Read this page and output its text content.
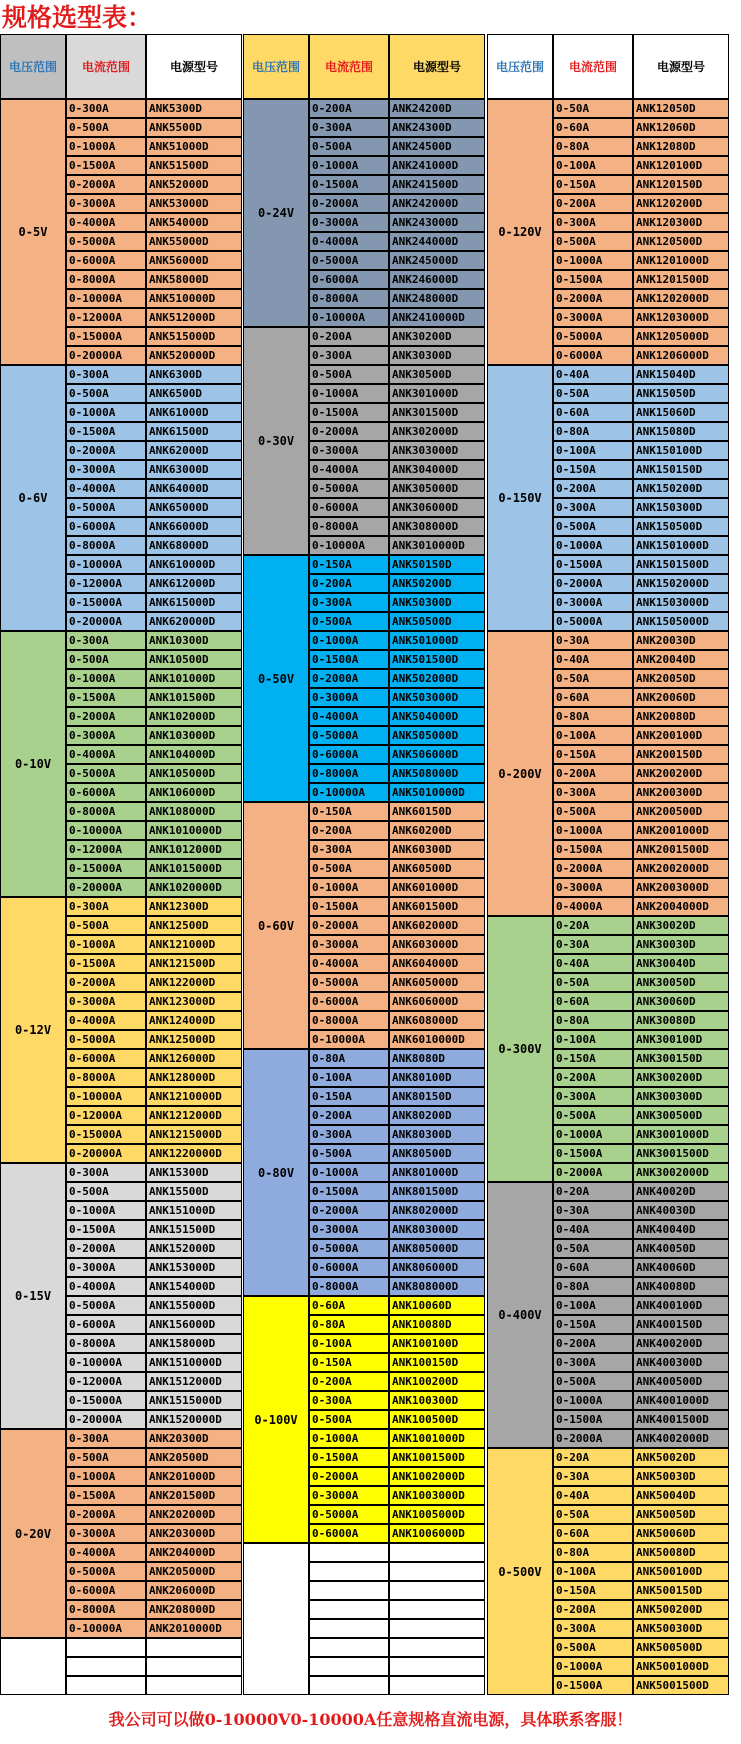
规格选型表：
电压范围	电流范围	电源型号
0-5V
0-300A	ANK5300D
0-500A	ANK5500D
0-1000A	ANK51000D
0-1500A	ANK51500D
0-2000A	ANK52000D
0-3000A	ANK53000D
0-4000A	ANK54000D
0-5000A	ANK55000D
0-6000A	ANK56000D
0-8000A	ANK58000D
0-10000A	ANK510000D
0-12000A	ANK512000D
0-15000A	ANK515000D
0-20000A	ANK520000D
0-6V
0-300A	ANK6300D
0-500A	ANK6500D
0-1000A	ANK61000D
0-1500A	ANK61500D
0-2000A	ANK62000D
0-3000A	ANK63000D
0-4000A	ANK64000D
0-5000A	ANK65000D
0-6000A	ANK66000D
0-8000A	ANK68000D
0-10000A	ANK610000D
0-12000A	ANK612000D
0-15000A	ANK615000D
0-20000A	ANK620000D
0-10V
0-300A	ANK10300D
0-500A	ANK10500D
0-1000A	ANK101000D
0-1500A	ANK101500D
0-2000A	ANK102000D
0-3000A	ANK103000D
0-4000A	ANK104000D
0-5000A	ANK105000D
0-6000A	ANK106000D
0-8000A	ANK108000D
0-10000A	ANK1010000D
0-12000A	ANK1012000D
0-15000A	ANK1015000D
0-20000A	ANK1020000D
0-12V
0-300A	ANK12300D
0-500A	ANK12500D
0-1000A	ANK121000D
0-1500A	ANK121500D
0-2000A	ANK122000D
0-3000A	ANK123000D
0-4000A	ANK124000D
0-5000A	ANK125000D
0-6000A	ANK126000D
0-8000A	ANK128000D
0-10000A	ANK1210000D
0-12000A	ANK1212000D
0-15000A	ANK1215000D
0-20000A	ANK1220000D
0-15V
0-300A	ANK15300D
0-500A	ANK15500D
0-1000A	ANK151000D
0-1500A	ANK151500D
0-2000A	ANK152000D
0-3000A	ANK153000D
0-4000A	ANK154000D
0-5000A	ANK155000D
0-6000A	ANK156000D
0-8000A	ANK158000D
0-10000A	ANK1510000D
0-12000A	ANK1512000D
0-15000A	ANK1515000D
0-20000A	ANK1520000D
0-20V
0-300A	ANK20300D
0-500A	ANK20500D
0-1000A	ANK201000D
0-1500A	ANK201500D
0-2000A	ANK202000D
0-3000A	ANK203000D
0-4000A	ANK204000D
0-5000A	ANK205000D
0-6000A	ANK206000D
0-8000A	ANK208000D
0-10000A	ANK2010000D
电压范围	电流范围	电源型号
0-24V
0-200A	ANK24200D
0-300A	ANK24300D
0-500A	ANK24500D
0-1000A	ANK241000D
0-1500A	ANK241500D
0-2000A	ANK242000D
0-3000A	ANK243000D
0-4000A	ANK244000D
0-5000A	ANK245000D
0-6000A	ANK246000D
0-8000A	ANK248000D
0-10000A	ANK2410000D
0-30V
0-200A	ANK30200D
0-300A	ANK30300D
0-500A	ANK30500D
0-1000A	ANK301000D
0-1500A	ANK301500D
0-2000A	ANK302000D
0-3000A	ANK303000D
0-4000A	ANK304000D
0-5000A	ANK305000D
0-6000A	ANK306000D
0-8000A	ANK308000D
0-10000A	ANK3010000D
0-50V
0-150A	ANK50150D
0-200A	ANK50200D
0-300A	ANK50300D
0-500A	ANK50500D
0-1000A	ANK501000D
0-1500A	ANK501500D
0-2000A	ANK502000D
0-3000A	ANK503000D
0-4000A	ANK504000D
0-5000A	ANK505000D
0-6000A	ANK506000D
0-8000A	ANK508000D
0-10000A	ANK5010000D
0-60V
0-150A	ANK60150D
0-200A	ANK60200D
0-300A	ANK60300D
0-500A	ANK60500D
0-1000A	ANK601000D
0-1500A	ANK601500D
0-2000A	ANK602000D
0-3000A	ANK603000D
0-4000A	ANK604000D
0-5000A	ANK605000D
0-6000A	ANK606000D
0-8000A	ANK608000D
0-10000A	ANK6010000D
0-80V
0-80A	ANK8080D
0-100A	ANK80100D
0-150A	ANK80150D
0-200A	ANK80200D
0-300A	ANK80300D
0-500A	ANK80500D
0-1000A	ANK801000D
0-1500A	ANK801500D
0-2000A	ANK802000D
0-3000A	ANK803000D
0-5000A	ANK805000D
0-6000A	ANK806000D
0-8000A	ANK808000D
0-100V
0-60A	ANK10060D
0-80A	ANK10080D
0-100A	ANK100100D
0-150A	ANK100150D
0-200A	ANK100200D
0-300A	ANK100300D
0-500A	ANK100500D
0-1000A	ANK1001000D
0-1500A	ANK1001500D
0-2000A	ANK1002000D
0-3000A	ANK1003000D
0-5000A	ANK1005000D
0-6000A	ANK1006000D
电压范围	电流范围	电源型号
0-120V
0-50A	ANK12050D
0-60A	ANK12060D
0-80A	ANK12080D
0-100A	ANK120100D
0-150A	ANK120150D
0-200A	ANK120200D
0-300A	ANK120300D
0-500A	ANK120500D
0-1000A	ANK1201000D
0-1500A	ANK1201500D
0-2000A	ANK1202000D
0-3000A	ANK1203000D
0-5000A	ANK1205000D
0-6000A	ANK1206000D
0-150V
0-40A	ANK15040D
0-50A	ANK15050D
0-60A	ANK15060D
0-80A	ANK15080D
0-100A	ANK150100D
0-150A	ANK150150D
0-200A	ANK150200D
0-300A	ANK150300D
0-500A	ANK150500D
0-1000A	ANK1501000D
0-1500A	ANK1501500D
0-2000A	ANK1502000D
0-3000A	ANK1503000D
0-5000A	ANK1505000D
0-200V
0-30A	ANK20030D
0-40A	ANK20040D
0-50A	ANK20050D
0-60A	ANK20060D
0-80A	ANK20080D
0-100A	ANK200100D
0-150A	ANK200150D
0-200A	ANK200200D
0-300A	ANK200300D
0-500A	ANK200500D
0-1000A	ANK2001000D
0-1500A	ANK2001500D
0-2000A	ANK2002000D
0-3000A	ANK2003000D
0-4000A	ANK2004000D
0-300V
0-20A	ANK30020D
0-30A	ANK30030D
0-40A	ANK30040D
0-50A	ANK30050D
0-60A	ANK30060D
0-80A	ANK30080D
0-100A	ANK300100D
0-150A	ANK300150D
0-200A	ANK300200D
0-300A	ANK300300D
0-500A	ANK300500D
0-1000A	ANK3001000D
0-1500A	ANK3001500D
0-2000A	ANK3002000D
0-400V
0-20A	ANK40020D
0-30A	ANK40030D
0-40A	ANK40040D
0-50A	ANK40050D
0-60A	ANK40060D
0-80A	ANK40080D
0-100A	ANK400100D
0-150A	ANK400150D
0-200A	ANK400200D
0-300A	ANK400300D
0-500A	ANK400500D
0-1000A	ANK4001000D
0-1500A	ANK4001500D
0-2000A	ANK4002000D
0-500V
0-20A	ANK50020D
0-30A	ANK50030D
0-40A	ANK50040D
0-50A	ANK50050D
0-60A	ANK50060D
0-80A	ANK50080D
0-100A	ANK500100D
0-150A	ANK500150D
0-200A	ANK500200D
0-300A	ANK500300D
0-500A	ANK500500D
0-1000A	ANK5001000D
0-1500A	ANK5001500D
我公司可以做0-10000V0-10000A任意规格直流电源，具体联系客服！
